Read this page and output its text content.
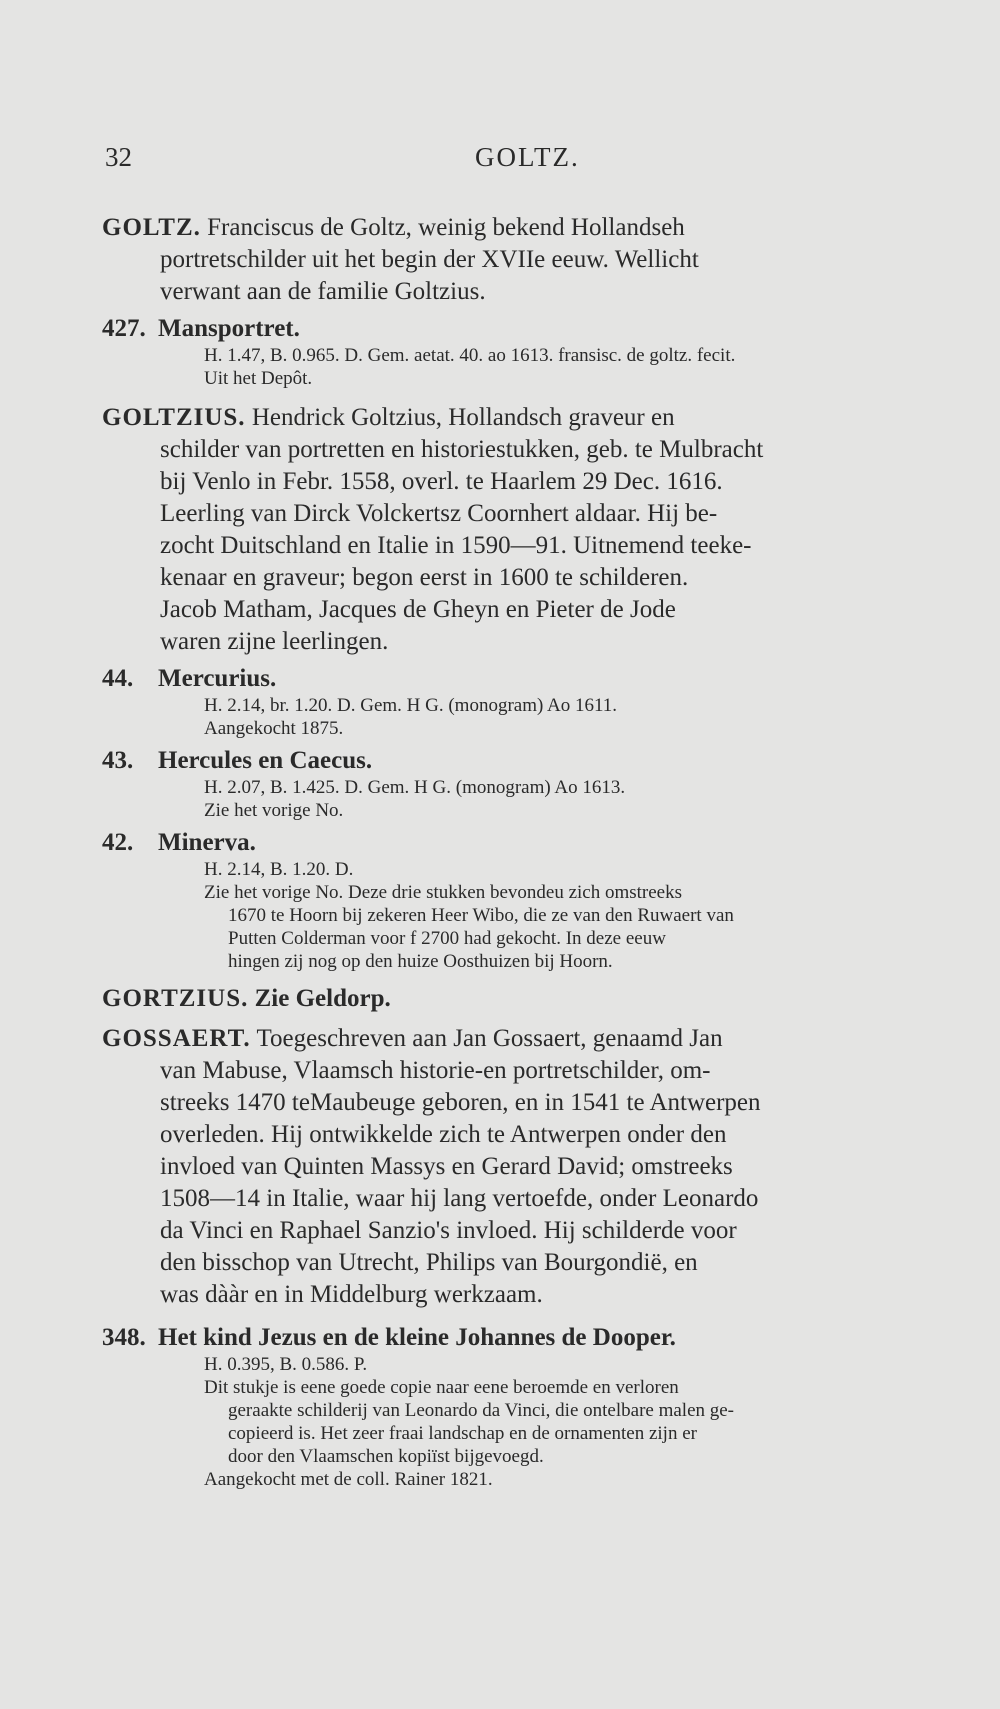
32	GOLTZ.
GOLTZ. Franciscus de Goltz, weinig bekend Hollandseh
portretschilder uit het begin der XVIIe eeuw. Wellicht
verwant aan de familie Goltzius.
427. Mansportret.
H. 1.47, B. 0.965. D. Gem. aetat. 40. ao 1613. fransisc. de goltz. fecit.
Uit het Depôt.
GOLTZIUS. Hendrick Goltzius, Hollandsch graveur en
schilder van portretten en historiestukken, geb. te Mulbracht
bij Venlo in Febr. 1558, overl. te Haarlem 29 Dec. 1616.
Leerling van Dirck Volckertsz Coornhert aldaar. Hij be-
zocht Duitschland en Italie in 1590—91. Uitnemend teeke-
kenaar en graveur; begon eerst in 1600 te schilderen.
Jacob Matham, Jacques de Gheyn en Pieter de Jode
waren zijne leerlingen.
44. Mercurius.
H. 2.14, br. 1.20. D. Gem. H G. (monogram) Ao 1611.
Aangekocht 1875.
43. Hercules en Caecus.
H. 2.07, B. 1.425. D. Gem. H G. (monogram) Ao 1613.
Zie het vorige No.
42. Minerva.
H. 2.14, B. 1.20. D.
Zie het vorige No. Deze drie stukken bevondeu zich omstreeks
1670 te Hoorn bij zekeren Heer Wibo, die ze van den Ruwaert van
Putten Colderman voor f 2700 had gekocht. In deze eeuw
hingen zij nog op den huize Oosthuizen bij Hoorn.
GORTZIUS. Zie Geldorp.
GOSSAERT. Toegeschreven aan Jan Gossaert, genaamd Jan
van Mabuse, Vlaamsch historie-en portretschilder, om-
streeks 1470 teMaubeuge geboren, en in 1541 te Antwerpen
overleden. Hij ontwikkelde zich te Antwerpen onder den
invloed van Quinten Massys en Gerard David; omstreeks
1508—14 in Italie, waar hij lang vertoefde, onder Leonardo
da Vinci en Raphael Sanzio's invloed. Hij schilderde voor
den bisschop van Utrecht, Philips van Bourgondië, en
was dààr en in Middelburg werkzaam.
348. Het kind Jezus en de kleine Johannes de Dooper.
H. 0.395, B. 0.586. P.
Dit stukje is eene goede copie naar eene beroemde en verloren
geraakte schilderij van Leonardo da Vinci, die ontelbare malen ge-
copieerd is. Het zeer fraai landschap en de ornamenten zijn er
door den Vlaamschen kopiïst bijgevoegd.
Aangekocht met de coll. Rainer 1821.
